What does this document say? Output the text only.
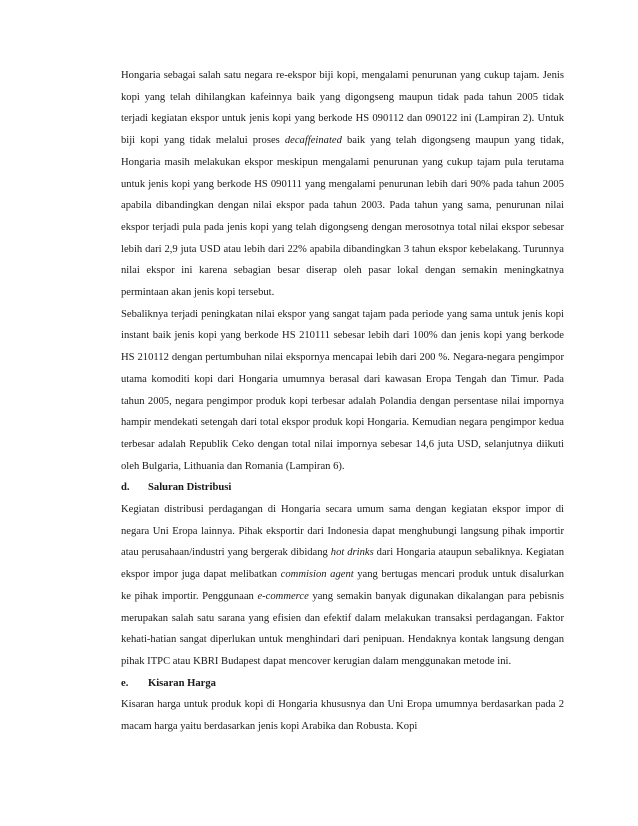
Hongaria sebagai salah satu negara re-ekspor biji kopi, mengalami penurunan yang cukup tajam. Jenis kopi yang telah dihilangkan kafeinnya baik yang digongseng maupun tidak pada tahun 2005 tidak terjadi kegiatan ekspor untuk jenis kopi yang berkode HS 090112 dan 090122 ini (Lampiran 2). Untuk biji kopi yang tidak melalui proses decaffeinated baik yang telah digongseng maupun yang tidak, Hongaria masih melakukan ekspor meskipun mengalami penurunan yang cukup tajam pula terutama untuk jenis kopi yang berkode HS 090111 yang mengalami penurunan lebih dari 90% pada tahun 2005 apabila dibandingkan dengan nilai ekspor pada tahun 2003. Pada tahun yang sama, penurunan nilai ekspor terjadi pula pada jenis kopi yang telah digongseng dengan merosotnya total nilai ekspor sebesar lebih dari 2,9 juta USD atau lebih dari 22% apabila dibandingkan 3 tahun ekspor kebelakang. Turunnya nilai ekspor ini karena sebagian besar diserap oleh pasar lokal dengan semakin meningkatnya permintaan akan jenis kopi tersebut.

Sebaliknya terjadi peningkatan nilai ekspor yang sangat tajam pada periode yang sama untuk jenis kopi instant baik jenis kopi yang berkode HS 210111 sebesar lebih dari 100% dan jenis kopi yang berkode HS 210112 dengan pertumbuhan nilai ekspornya mencapai lebih dari 200 %. Negara-negara pengimpor utama komoditi kopi dari Hongaria umumnya berasal dari kawasan Eropa Tengah dan Timur. Pada tahun 2005, negara pengimpor produk kopi terbesar adalah Polandia dengan persentase nilai impornya hampir mendekati setengah dari total ekspor produk kopi Hongaria. Kemudian negara pengimpor kedua terbesar adalah Republik Ceko dengan total nilai impornya sebesar 14,6 juta USD, selanjutnya diikuti oleh Bulgaria, Lithuania dan Romania (Lampiran 6).

d. Saluran Distribusi

Kegiatan distribusi perdagangan di Hongaria secara umum sama dengan kegiatan ekspor impor di negara Uni Eropa lainnya. Pihak eksportir dari Indonesia dapat menghubungi langsung pihak importir atau perusahaan/industri yang bergerak dibidang hot drinks dari Hongaria ataupun sebaliknya. Kegiatan ekspor impor juga dapat melibatkan commision agent yang bertugas mencari produk untuk disalurkan ke pihak importir. Penggunaan e-commerce yang semakin banyak digunakan dikalangan para pebisnis merupakan salah satu sarana yang efisien dan efektif dalam melakukan transaksi perdagangan. Faktor kehati-hatian sangat diperlukan untuk menghindari dari penipuan. Hendaknya kontak langsung dengan pihak ITPC atau KBRI Budapest dapat mencover kerugian dalam menggunakan metode ini.

e. Kisaran Harga

Kisaran harga untuk produk kopi di Hongaria khususnya dan Uni Eropa umumnya berdasarkan pada 2 macam harga yaitu berdasarkan jenis kopi Arabika dan Robusta. Kopi
